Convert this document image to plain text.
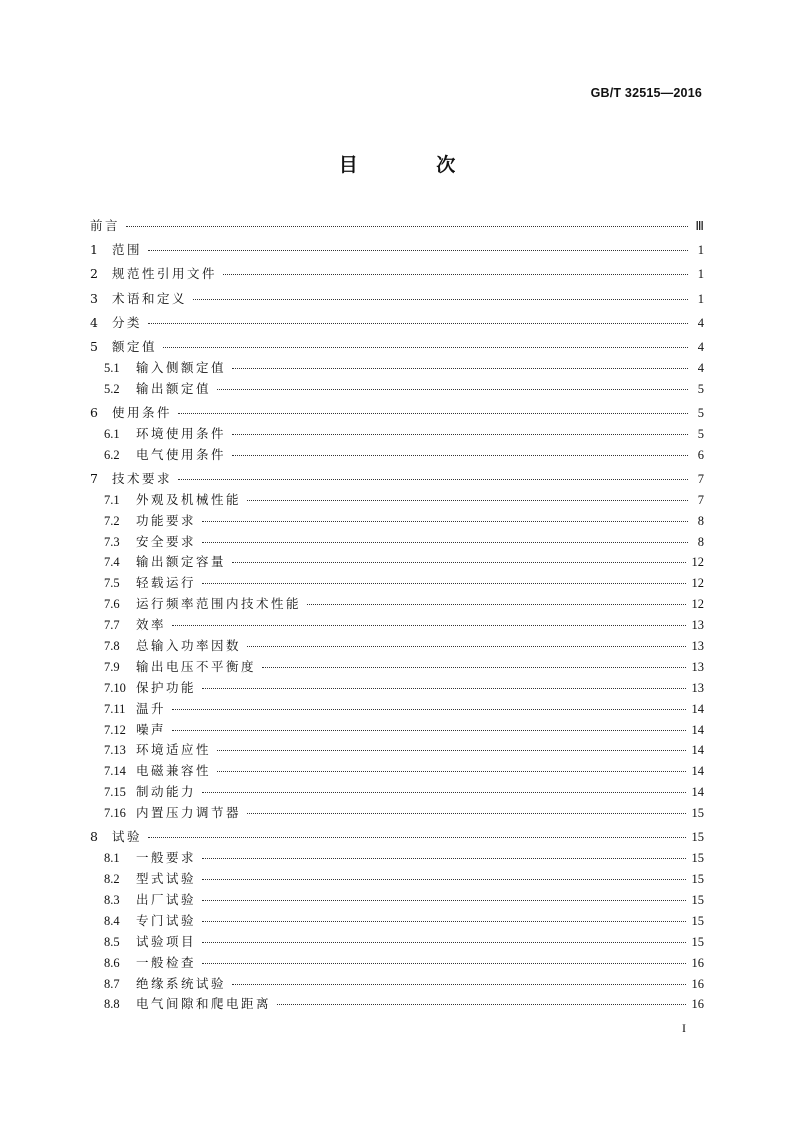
GB/T 32515—2016
目 次
前言	Ⅲ
1	范围	1
2	规范性引用文件	1
3	术语和定义	1
4	分类	4
5	额定值	4
5.1	输入侧额定值	4
5.2	输出额定值	5
6	使用条件	5
6.1	环境使用条件	5
6.2	电气使用条件	6
7	技术要求	7
7.1	外观及机械性能	7
7.2	功能要求	8
7.3	安全要求	8
7.4	输出额定容量	12
7.5	轻载运行	12
7.6	运行频率范围内技术性能	12
7.7	效率	13
7.8	总输入功率因数	13
7.9	输出电压不平衡度	13
7.10 保护功能	13
7.11 温升	14
7.12 噪声	14
7.13 环境适应性	14
7.14 电磁兼容性	14
7.15 制动能力	14
7.16 内置压力调节器	15
8	试验	15
8.1	一般要求	15
8.2	型式试验	15
8.3	出厂试验	15
8.4	专门试验	15
8.5	试验项目	15
8.6	一般检查	16
8.7	绝缘系统试验	16
8.8	电气间隙和爬电距离	16
I
